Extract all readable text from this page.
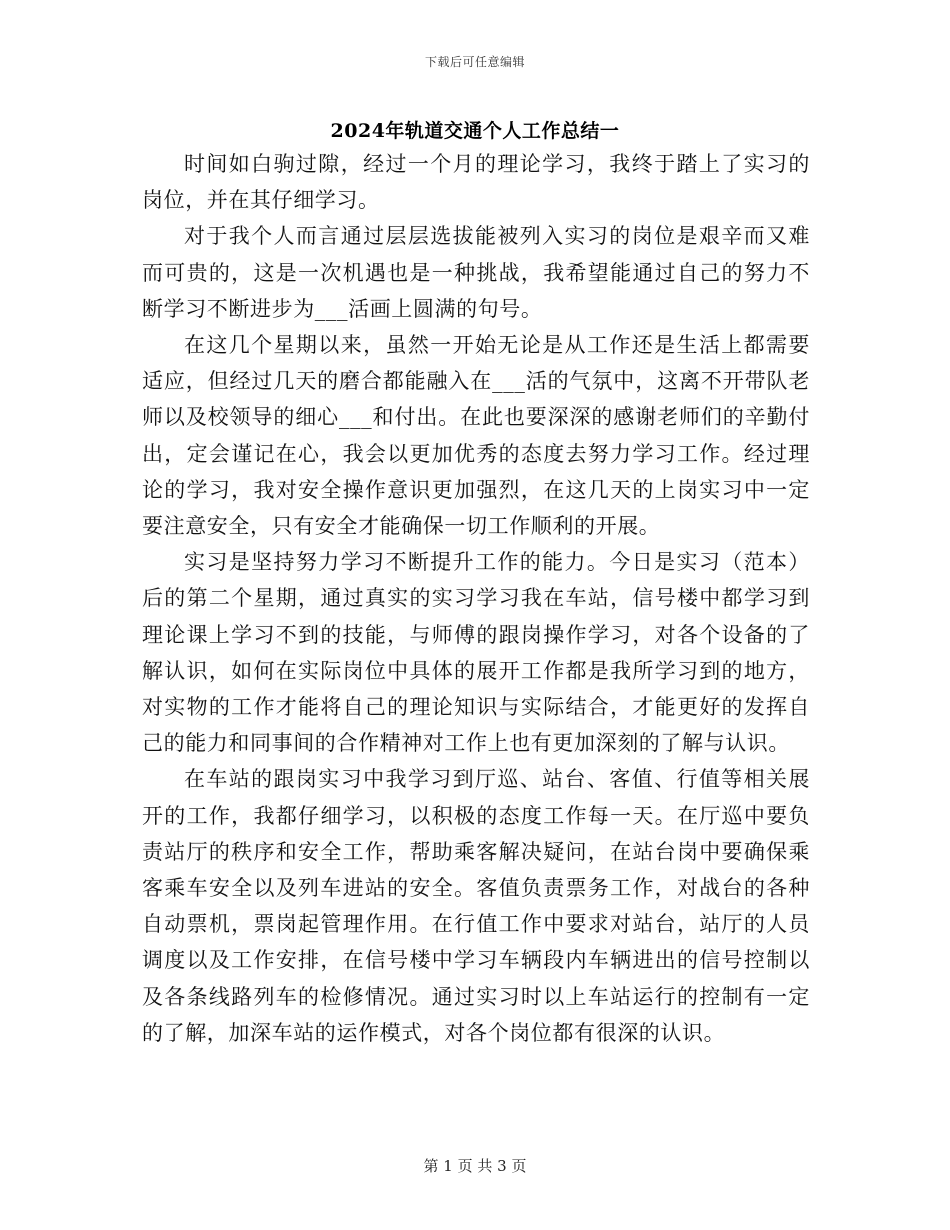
下载后可任意编辑
2024年轨道交通个人工作总结一

时间如白驹过隙，经过一个月的理论学习，我终于踏上了实习的岗位，并在其仔细学习。

对于我个人而言通过层层选拔能被列入实习的岗位是艰辛而又难而可贵的，这是一次机遇也是一种挑战，我希望能通过自己的努力不断学习不断进步为___活画上圆满的句号。

在这几个星期以来，虽然一开始无论是从工作还是生活上都需要适应，但经过几天的磨合都能融入在___活的气氛中，这离不开带队老师以及校领导的细心___和付出。在此也要深深的感谢老师们的辛勤付出，定会谨记在心，我会以更加优秀的态度去努力学习工作。经过理论的学习，我对安全操作意识更加强烈，在这几天的上岗实习中一定要注意安全，只有安全才能确保一切工作顺利的开展。

实习是坚持努力学习不断提升工作的能力。今日是实习（范本）后的第二个星期，通过真实的实习学习我在车站，信号楼中都学习到理论课上学习不到的技能，与师傅的跟岗操作学习，对各个设备的了解认识，如何在实际岗位中具体的展开工作都是我所学习到的地方，对实物的工作才能将自己的理论知识与实际结合，才能更好的发挥自己的能力和同事间的合作精神对工作上也有更加深刻的了解与认识。

在车站的跟岗实习中我学习到厅巡、站台、客值、行值等相关展开的工作，我都仔细学习，以积极的态度工作每一天。在厅巡中要负责站厅的秩序和安全工作，帮助乘客解决疑问，在站台岗中要确保乘客乘车安全以及列车进站的安全。客值负责票务工作，对战台的各种自动票机，票岗起管理作用。在行值工作中要求对站台，站厅的人员调度以及工作安排，在信号楼中学习车辆段内车辆进出的信号控制以及各条线路列车的检修情况。通过实习时以上车站运行的控制有一定的了解，加深车站的运作模式，对各个岗位都有很深的认识。

第 1 页 共 3 页
